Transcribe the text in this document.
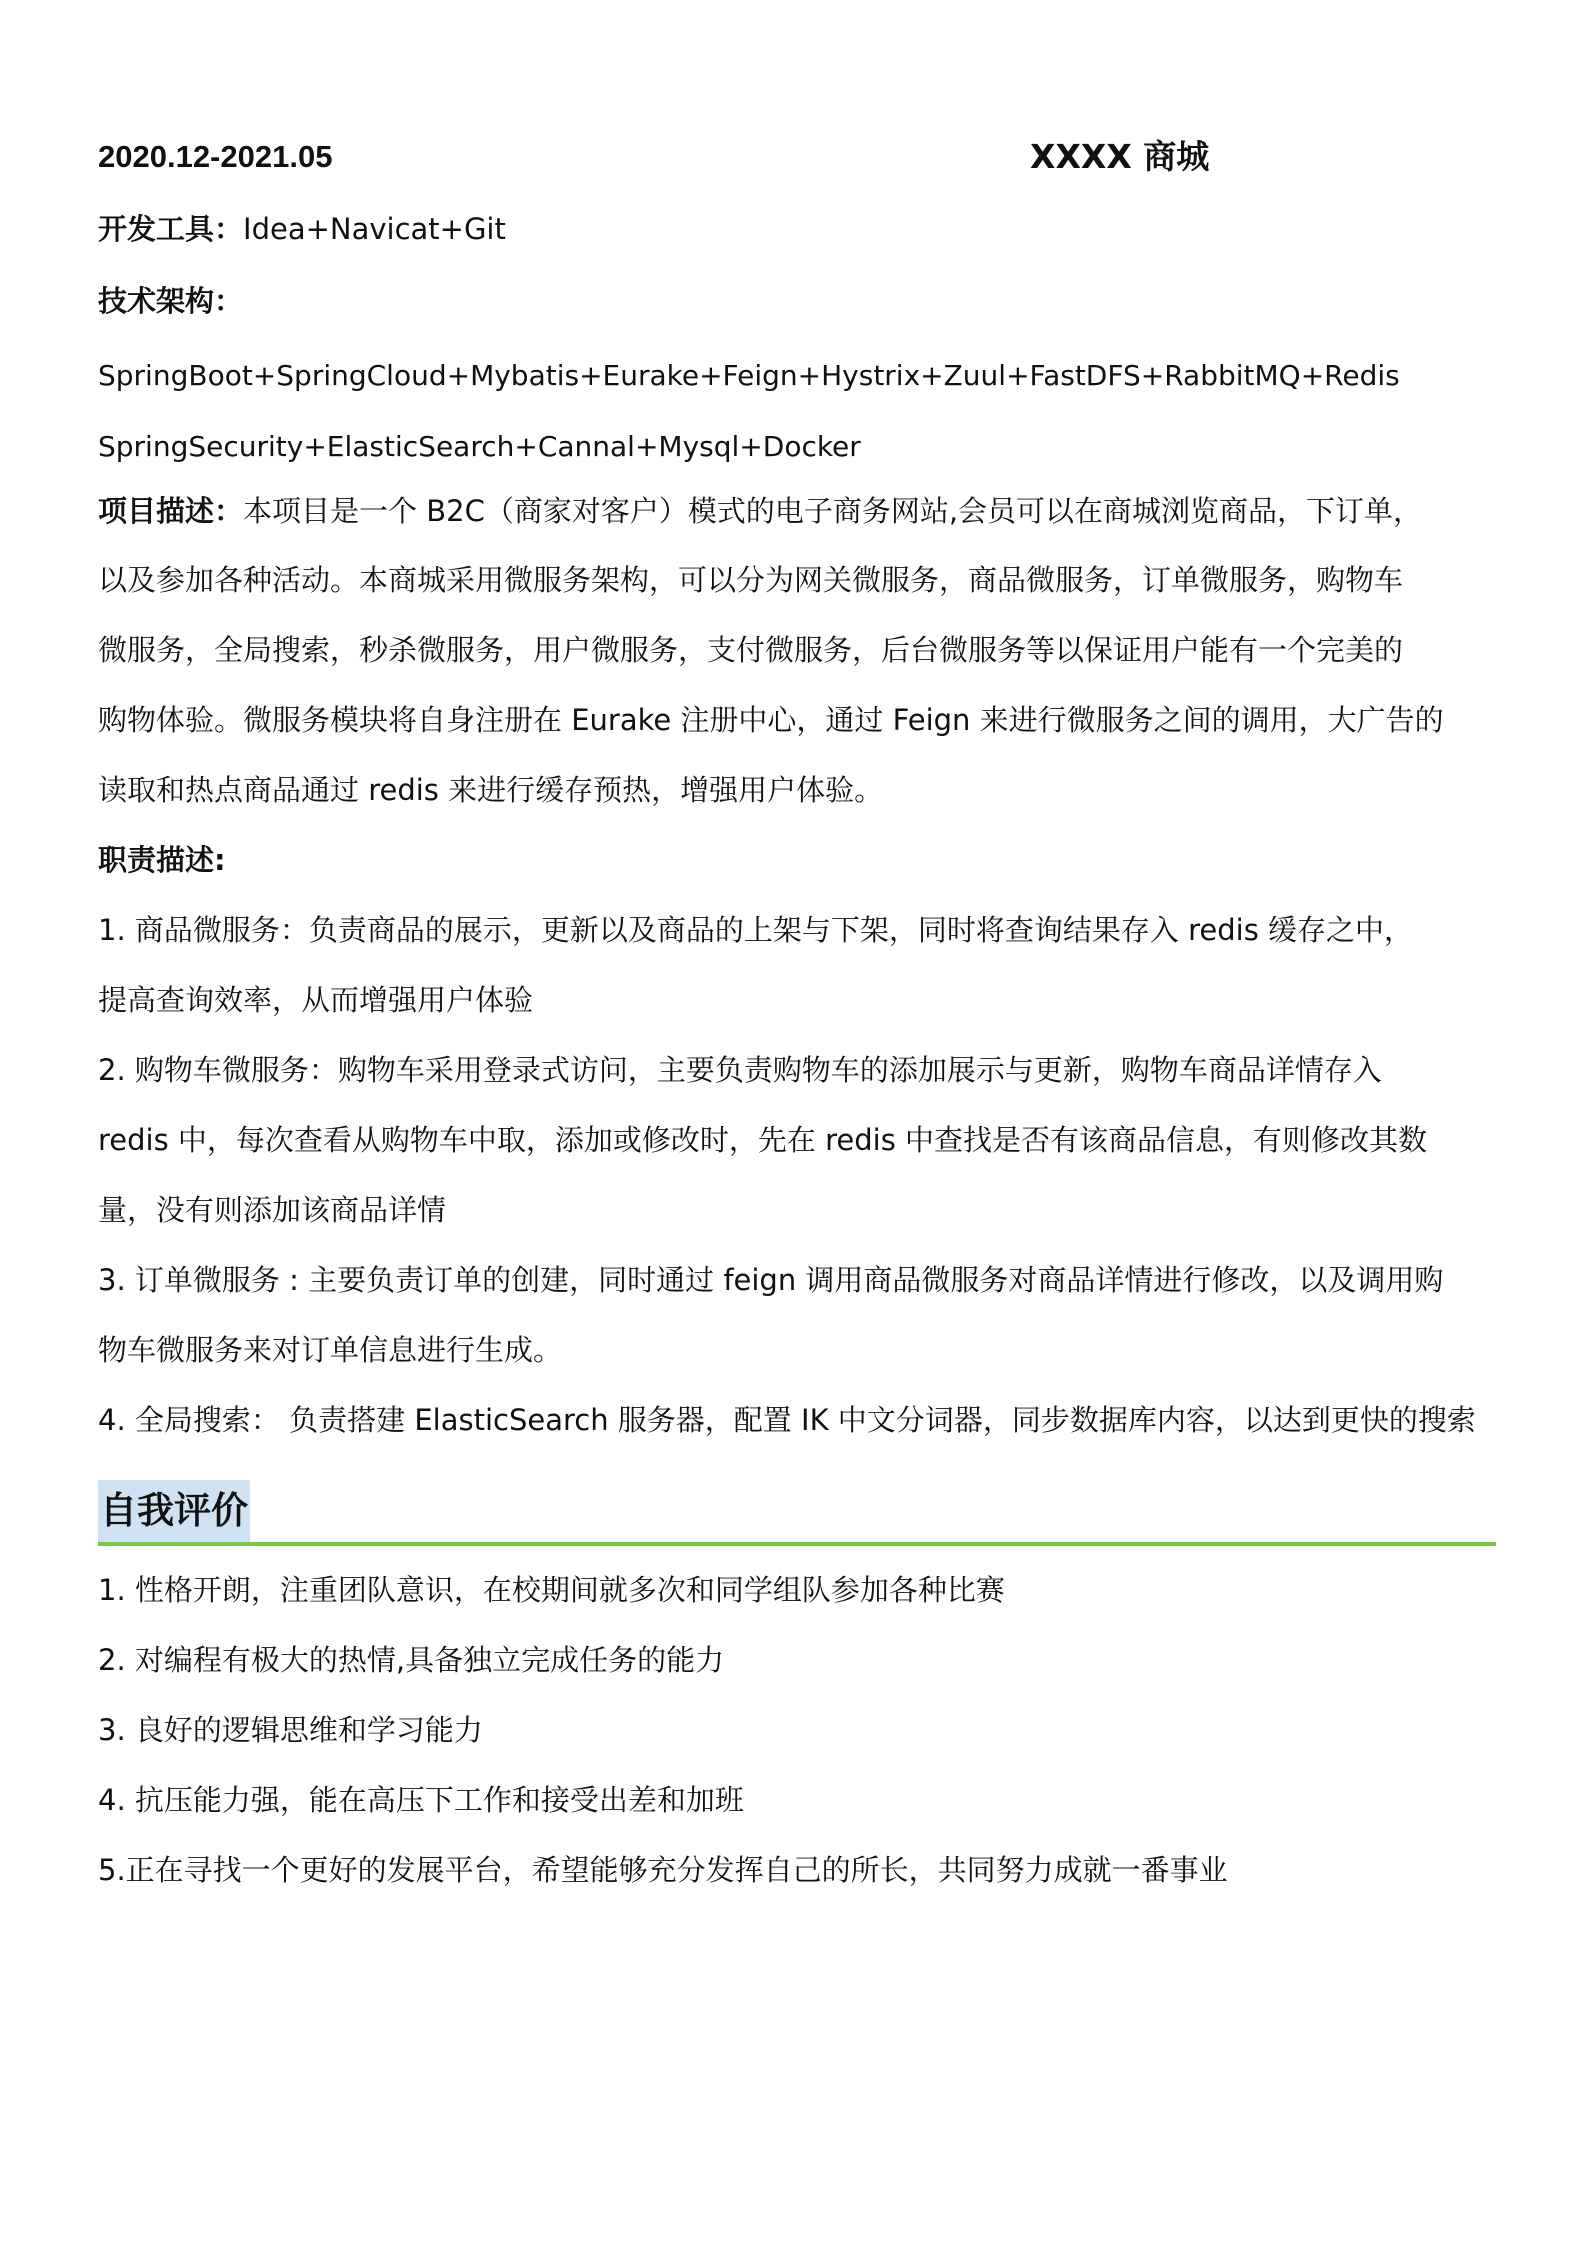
2020.12-2021.05	XXXX 商城
开发工具：Idea+Navicat+Git
技术架构：
SpringBoot+SpringCloud+Mybatis+Eurake+Feign+Hystrix+Zuul+FastDFS+RabbitMQ+Redis
SpringSecurity+ElasticSearch+Cannal+Mysql+Docker
项目描述：本项目是一个 B2C（商家对客户）模式的电子商务网站,会员可以在商城浏览商品，下订单，
以及参加各种活动。本商城采用微服务架构，可以分为网关微服务，商品微服务，订单微服务，购物车
微服务，全局搜索，秒杀微服务，用户微服务，支付微服务，后台微服务等以保证用户能有一个完美的
购物体验。微服务模块将自身注册在 Eurake 注册中心，通过 Feign 来进行微服务之间的调用，大广告的
读取和热点商品通过 redis 来进行缓存预热，增强用户体验。
职责描述:
1. 商品微服务：负责商品的展示，更新以及商品的上架与下架，同时将查询结果存入 redis 缓存之中，
提高查询效率，从而增强用户体验
2. 购物车微服务：购物车采用登录式访问，主要负责购物车的添加展示与更新，购物车商品详情存入
redis 中，每次查看从购物车中取，添加或修改时，先在 redis 中查找是否有该商品信息，有则修改其数
量，没有则添加该商品详情
3. 订单微服务 : 主要负责订单的创建，同时通过 feign 调用商品微服务对商品详情进行修改，以及调用购
物车微服务来对订单信息进行生成。
4. 全局搜索： 负责搭建 ElasticSearch 服务器，配置 IK 中文分词器，同步数据库内容，以达到更快的搜索
自我评价
1. 性格开朗，注重团队意识，在校期间就多次和同学组队参加各种比赛
2. 对编程有极大的热情,具备独立完成任务的能力
3. 良好的逻辑思维和学习能力
4. 抗压能力强，能在高压下工作和接受出差和加班
5.正在寻找一个更好的发展平台，希望能够充分发挥自己的所长，共同努力成就一番事业
